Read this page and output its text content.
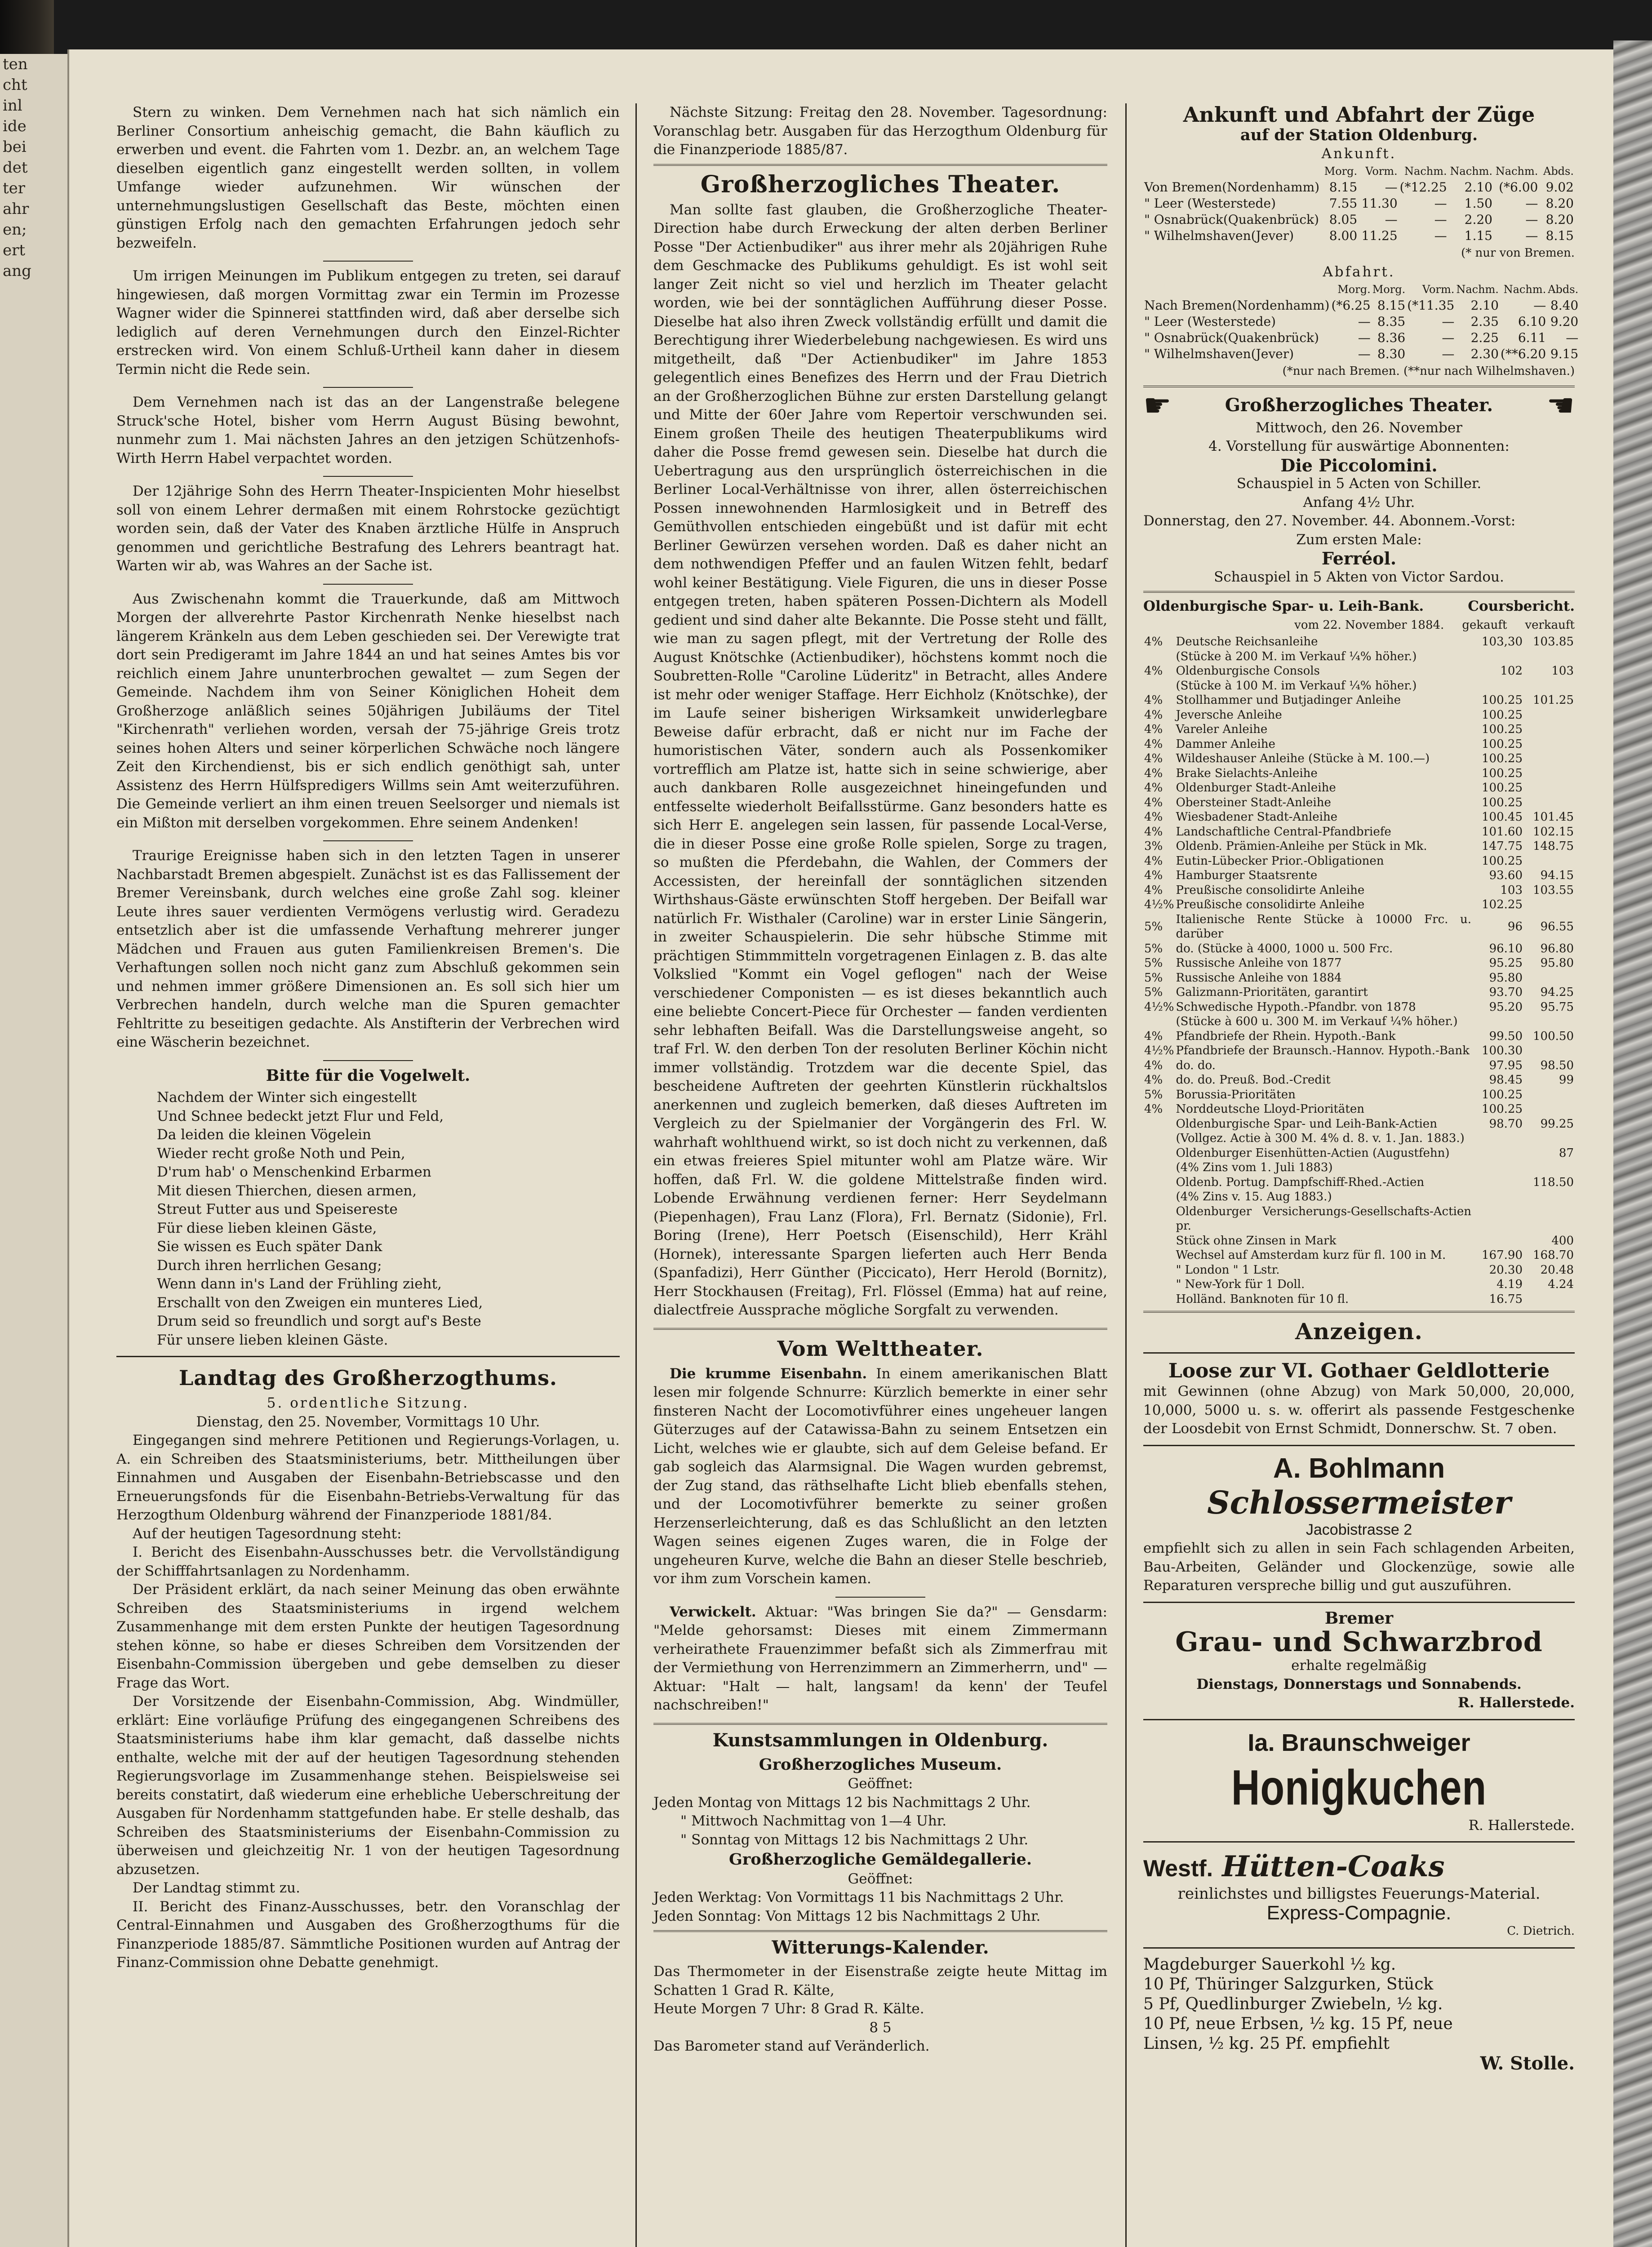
ten
cht
inl
ide
bei
det
ter
ahr
en;
ert
ang

Stern zu winken. Dem Vernehmen nach hat sich nämlich ein Berliner Consortium anheischig gemacht, die Bahn käuflich zu erwerben und event. die Fahrten vom 1. Dezbr. an, an welchem Tage dieselben eigentlich ganz eingestellt werden sollten, in vollem Umfange wieder aufzunehmen. Wir wünschen der unternehmungslustigen Gesellschaft das Beste, möchten einen günstigen Erfolg nach den gemachten Erfahrungen jedoch sehr bezweifeln.

Um irrigen Meinungen im Publikum entgegen zu treten, sei darauf hingewiesen, daß morgen Vormittag zwar ein Termin im Prozesse Wagner wider die Spinnerei stattfinden wird, daß aber derselbe sich lediglich auf deren Vernehmungen durch den Einzel-Richter erstrecken wird. Von einem Schluß-Urtheil kann daher in diesem Termin nicht die Rede sein.

Dem Vernehmen nach ist das an der Langenstraße belegene Struck'sche Hotel, bisher vom Herrn August Büsing bewohnt, nunmehr zum 1. Mai nächsten Jahres an den jetzigen Schützenhofs-Wirth Herrn Habel verpachtet worden.

Der 12jährige Sohn des Herrn Theater-Inspicienten Mohr hieselbst soll von einem Lehrer dermaßen mit einem Rohrstocke gezüchtigt worden sein, daß der Vater des Knaben ärztliche Hülfe in Anspruch genommen und gerichtliche Bestrafung des Lehrers beantragt hat. Warten wir ab, was Wahres an der Sache ist.

Aus Zwischenahn kommt die Trauerkunde, daß am Mittwoch Morgen der allverehrte Pastor Kirchenrath Nenke hieselbst nach längerem Kränkeln aus dem Leben geschieden sei. Der Verewigte trat dort sein Predigeramt im Jahre 1844 an und hat seines Amtes bis vor reichlich einem Jahre ununterbrochen gewaltet — zum Segen der Gemeinde. Nachdem ihm von Seiner Königlichen Hoheit dem Großherzoge anläßlich seines 50jährigen Jubiläums der Titel "Kirchenrath" verliehen worden, versah der 75-jährige Greis trotz seines hohen Alters und seiner körperlichen Schwäche noch längere Zeit den Kirchendienst, bis er sich endlich genöthigt sah, unter Assistenz des Herrn Hülfspredigers Willms sein Amt weiterzuführen. Die Gemeinde verliert an ihm einen treuen Seelsorger und niemals ist ein Mißton mit derselben vorgekommen. Ehre seinem Andenken!

Traurige Ereignisse haben sich in den letzten Tagen in unserer Nachbarstadt Bremen abgespielt. Zunächst ist es das Fallissement der Bremer Vereinsbank, durch welches eine große Zahl sog. kleiner Leute ihres sauer verdienten Vermögens verlustig wird. Geradezu entsetzlich aber ist die umfassende Verhaftung mehrerer junger Mädchen und Frauen aus guten Familienkreisen Bremen's. Die Verhaftungen sollen noch nicht ganz zum Abschluß gekommen sein und nehmen immer größere Dimensionen an. Es soll sich hier um Verbrechen handeln, durch welche man die Spuren gemachter Fehltritte zu beseitigen gedachte. Als Anstifterin der Verbrechen wird eine Wäscherin bezeichnet.

Bitte für die Vogelwelt.

Nachdem der Winter sich eingestellt
Und Schnee bedeckt jetzt Flur und Feld,
Da leiden die kleinen Vögelein
Wieder recht große Noth und Pein,
D'rum hab' o Menschenkind Erbarmen
Mit diesen Thierchen, diesen armen,
Streut Futter aus und Speisereste
Für diese lieben kleinen Gäste,
Sie wissen es Euch später Dank
Durch ihren herrlichen Gesang;
Wenn dann in's Land der Frühling zieht,
Erschallt von den Zweigen ein munteres Lied,
Drum seid so freundlich und sorgt auf's Beste
Für unsere lieben kleinen Gäste.

Landtag des Großherzogthums.

5. ordentliche Sitzung.

Dienstag, den 25. November, Vormittags 10 Uhr.

Eingegangen sind mehrere Petitionen und Regierungs-Vorlagen, u. A. ein Schreiben des Staatsministeriums, betr. Mittheilungen über Einnahmen und Ausgaben der Eisenbahn-Betriebscasse und den Erneuerungsfonds für die Eisenbahn-Betriebs-Verwaltung für das Herzogthum Oldenburg während der Finanzperiode 1881/84.

Auf der heutigen Tagesordnung steht:

I. Bericht des Eisenbahn-Ausschusses betr. die Vervollständigung der Schifffahrtsanlagen zu Nordenhamm.

Der Präsident erklärt, da nach seiner Meinung das oben erwähnte Schreiben des Staatsministeriums in irgend welchem Zusammenhange mit dem ersten Punkte der heutigen Tagesordnung stehen könne, so habe er dieses Schreiben dem Vorsitzenden der Eisenbahn-Commission übergeben und gebe demselben zu dieser Frage das Wort.

Der Vorsitzende der Eisenbahn-Commission, Abg. Windmüller, erklärt: Eine vorläufige Prüfung des eingegangenen Schreibens des Staatsministeriums habe ihm klar gemacht, daß dasselbe nichts enthalte, welche mit der auf der heutigen Tagesordnung stehenden Regierungsvorlage im Zusammenhange stehen. Beispielsweise sei bereits constatirt, daß wiederum eine erhebliche Ueberschreitung der Ausgaben für Nordenhamm stattgefunden habe. Er stelle deshalb, das Schreiben des Staatsministeriums der Eisenbahn-Commission zu überweisen und gleichzeitig Nr. 1 von der heutigen Tagesordnung abzusetzen.

Der Landtag stimmt zu.

II. Bericht des Finanz-Ausschusses, betr. den Voranschlag der Central-Einnahmen und Ausgaben des Großherzogthums für die Finanzperiode 1885/87. Sämmtliche Positionen wurden auf Antrag der Finanz-Commission ohne Debatte genehmigt.

Nächste Sitzung: Freitag den 28. November. Tagesordnung: Voranschlag betr. Ausgaben für das Herzogthum Oldenburg für die Finanzperiode 1885/87.

Großherzogliches Theater.

Man sollte fast glauben, die Großherzogliche Theater-Direction habe durch Erweckung der alten derben Berliner Posse "Der Actienbudiker" aus ihrer mehr als 20jährigen Ruhe dem Geschmacke des Publikums gehuldigt. Es ist wohl seit langer Zeit nicht so viel und herzlich im Theater gelacht worden, wie bei der sonntäglichen Aufführung dieser Posse. Dieselbe hat also ihren Zweck vollständig erfüllt und damit die Berechtigung ihrer Wiederbelebung nachgewiesen. Es wird uns mitgetheilt, daß "Der Actienbudiker" im Jahre 1853 gelegentlich eines Benefizes des Herrn und der Frau Dietrich an der Großherzoglichen Bühne zur ersten Darstellung gelangt und Mitte der 60er Jahre vom Repertoir verschwunden sei. Einem großen Theile des heutigen Theaterpublikums wird daher die Posse fremd gewesen sein. Dieselbe hat durch die Uebertragung aus den ursprünglich österreichischen in die Berliner Local-Verhältnisse von ihrer, allen österreichischen Possen innewohnenden Harmlosigkeit und in Betreff des Gemüthvollen entschieden eingebüßt und ist dafür mit echt Berliner Gewürzen versehen worden. Daß es daher nicht an dem nothwendigen Pfeffer und an faulen Witzen fehlt, bedarf wohl keiner Bestätigung. Viele Figuren, die uns in dieser Posse entgegen treten, haben späteren Possen-Dichtern als Modell gedient und sind daher alte Bekannte. Die Posse steht und fällt, wie man zu sagen pflegt, mit der Vertretung der Rolle des August Knötschke (Actienbudiker), höchstens kommt noch die Soubretten-Rolle "Caroline Lüderitz" in Betracht, alles Andere ist mehr oder weniger Staffage. Herr Eichholz (Knötschke), der im Laufe seiner bisherigen Wirksamkeit unwiderlegbare Beweise dafür erbracht, daß er nicht nur im Fache der humoristischen Väter, sondern auch als Possenkomiker vortrefflich am Platze ist, hatte sich in seine schwierige, aber auch dankbaren Rolle ausgezeichnet hineingefunden und entfesselte wiederholt Beifallsstürme. Ganz besonders hatte es sich Herr E. angelegen sein lassen, für passende Local-Verse, die in dieser Posse eine große Rolle spielen, Sorge zu tragen, so mußten die Pferdebahn, die Wahlen, der Commers der Accessisten, der hereinfall der sonntäglichen sitzenden Wirthshaus-Gäste erwünschten Stoff hergeben. Der Beifall war natürlich Fr. Wisthaler (Caroline) war in erster Linie Sängerin, in zweiter Schauspielerin. Die sehr hübsche Stimme mit prächtigen Stimmmitteln vorgetragenen Einlagen z. B. das alte Volkslied "Kommt ein Vogel geflogen" nach der Weise verschiedener Componisten — es ist dieses bekanntlich auch eine beliebte Concert-Piece für Orchester — fanden verdienten sehr lebhaften Beifall. Was die Darstellungsweise angeht, so traf Frl. W. den derben Ton der resoluten Berliner Köchin nicht immer vollständig. Trotzdem war die decente Spiel, das bescheidene Auftreten der geehrten Künstlerin rückhaltslos anerkennen und zugleich bemerken, daß dieses Auftreten im Vergleich zu der Spielmanier der Vorgängerin des Frl. W. wahrhaft wohlthuend wirkt, so ist doch nicht zu verkennen, daß ein etwas freieres Spiel mitunter wohl am Platze wäre. Wir hoffen, daß Frl. W. die goldene Mittelstraße finden wird. Lobende Erwähnung verdienen ferner: Herr Seydelmann (Piepenhagen), Frau Lanz (Flora), Frl. Bernatz (Sidonie), Frl. Boring (Irene), Herr Poetsch (Eisenschild), Herr Krähl (Hornek), interessante Spargen lieferten auch Herr Benda (Spanfadizi), Herr Günther (Piccicato), Herr Herold (Bornitz), Herr Stockhausen (Freitag), Frl. Flössel (Emma) hat auf reine, dialectfreie Aussprache mögliche Sorgfalt zu verwenden.

Vom Welttheater.

Die krumme Eisenbahn. In einem amerikanischen Blatt lesen mir folgende Schnurre: Kürzlich bemerkte in einer sehr finsteren Nacht der Locomotivführer eines ungeheuer langen Güterzuges auf der Catawissa-Bahn zu seinem Entsetzen ein Licht, welches wie er glaubte, sich auf dem Geleise befand. Er gab sogleich das Alarmsignal. Die Wagen wurden gebremst, der Zug stand, das räthselhafte Licht blieb ebenfalls stehen, und der Locomotivführer bemerkte zu seiner großen Herzenserleichterung, daß es das Schlußlicht an den letzten Wagen seines eigenen Zuges waren, die in Folge der ungeheuren Kurve, welche die Bahn an dieser Stelle beschrieb, vor ihm zum Vorschein kamen.

Verwickelt. Aktuar: "Was bringen Sie da?" — Gensdarm: "Melde gehorsamst: Dieses mit einem Zimmermann verheirathete Frauenzimmer befaßt sich als Zimmerfrau mit der Vermiethung von Herrenzimmern an Zimmerherrn, und" — Aktuar: "Halt — halt, langsam! da kenn' der Teufel nachschreiben!"

Kunstsammlungen in Oldenburg.
Großherzogliches Museum.

Geöffnet:

Jeden Montag von Mittags 12 bis Nachmittags 2 Uhr.

" Mittwoch Nachmittag von 1—4 Uhr.

" Sonntag von Mittags 12 bis Nachmittags 2 Uhr.

Großherzogliche Gemäldegallerie.

Geöffnet:

Jeden Werktag: Von Vormittags 11 bis Nachmittags 2 Uhr.

Jeden Sonntag: Von Mittags 12 bis Nachmittags 2 Uhr.

Witterungs-Kalender.

Das Thermometer in der Eisenstraße zeigte heute Mittag im Schatten 1 Grad R. Kälte,

Heute Morgen 7 Uhr: 8 Grad R. Kälte.

8 5

Das Barometer stand auf Veränderlich.

Ankunft und Abfahrt der Züge
auf der Station Oldenburg.
Ankunft.
	Morg.	Vorm.	Nachm.	Nachm.	Nachm.	Abds.
Von Bremen(Nordenhamm)	8.15	—	(*12.25	2.10	(*6.00	9.02
" Leer (Westerstede)	7.55	11.30	—	1.50	—	8.20
" Osnabrück(Quakenbrück)	8.05	—	—	2.20	—	8.20
" Wilhelmshaven(Jever)	8.00	11.25	—	1.15	—	8.15
(* nur von Bremen.
Abfahrt.
	Morg.	Morg.	Vorm.	Nachm.	Nachm.	Abds.
Nach Bremen(Nordenhamm)	(*6.25	8.15	(*11.35	2.10	—	8.40
" Leer (Westerstede)	—	8.35	—	2.35	6.10	9.20
" Osnabrück(Quakenbrück)	—	8.36	—	2.25	6.11	—
" Wilhelmshaven(Jever)	—	8.30	—	2.30	(**6.20	9.15
(*nur nach Bremen. (**nur nach Wilhelmshaven.)
☛	Großherzogliches Theater. ☚
Mittwoch, den 26. November
4. Vorstellung für auswärtige Abonnenten:
Die Piccolomini.
Schauspiel in 5 Acten von Schiller.
Anfang 4½ Uhr.
Donnerstag, den 27. November. 44. Abonnem.-Vorst:
Zum ersten Male:
Ferréol.
Schauspiel in 5 Akten von Victor Sardou.
Oldenburgische Spar- u. Leih-Bank.	Coursbericht.
vom 22. November 1884. gekauft verkauft
4%	Deutsche Reichsanleihe	103,30	103.85
	(Stücke à 200 M. im Verkauf ¼% höher.)		
4%	Oldenburgische Consols	102	103
	(Stücke à 100 M. im Verkauf ¼% höher.)		
4%	Stollhammer und Butjadinger Anleihe	100.25	101.25
4%	Jeversche Anleihe	100.25	
4%	Vareler Anleihe	100.25	
4%	Dammer Anleihe	100.25	
4%	Wildeshauser Anleihe (Stücke à M. 100.—)	100.25	
4%	Brake Sielachts-Anleihe	100.25	
4%	Oldenburger Stadt-Anleihe	100.25	
4%	Obersteiner Stadt-Anleihe	100.25	
4%	Wiesbadener Stadt-Anleihe	100.45	101.45
4%	Landschaftliche Central-Pfandbriefe	101.60	102.15
3%	Oldenb. Prämien-Anleihe per Stück in Mk.	147.75	148.75
4%	Eutin-Lübecker Prior.-Obligationen	100.25	
4%	Hamburger Staatsrente	93.60	94.15
4%	Preußische consolidirte Anleihe	103	103.55
4½%	Preußische consolidirte Anleihe	102.25	
5%	Italienische Rente Stücke à 10000 Frc. u. darüber	96	96.55
5%	do. (Stücke à 4000, 1000 u. 500 Frc.	96.10	96.80
5%	Russische Anleihe von 1877	95.25	95.80
5%	Russische Anleihe von 1884	95.80	
5%	Galizmann-Prioritäten, garantirt	93.70	94.25
4½%	Schwedische Hypoth.-Pfandbr. von 1878	95.20	95.75
	(Stücke à 600 u. 300 M. im Verkauf ¼% höher.)		
4%	Pfandbriefe der Rhein. Hypoth.-Bank	99.50	100.50
4½%	Pfandbriefe der Braunsch.-Hannov. Hypoth.-Bank	100.30	
4%	do. do.	97.95	98.50
4%	do. do. Preuß. Bod.-Credit	98.45	99
5%	Borussia-Prioritäten	100.25	
4%	Norddeutsche Lloyd-Prioritäten	100.25	
	Oldenburgische Spar- und Leih-Bank-Actien	98.70	99.25
	(Vollgez. Actie à 300 M. 4% d. 8. v. 1. Jan. 1883.)		
	Oldenburger Eisenhütten-Actien (Augustfehn)		87
	(4% Zins vom 1. Juli 1883)		
	Oldenb. Portug. Dampfschiff-Rhed.-Actien		118.50
	(4% Zins v. 15. Aug 1883.)		
	Oldenburger Versicherungs-Gesellschafts-Actien pr.		
	Stück ohne Zinsen in Mark		400
	Wechsel auf Amsterdam kurz für fl. 100 in M.	167.90	168.70
	" London " 1 Lstr.	20.30	20.48
	" New-York für 1 Doll.	4.19	4.24
	Holländ. Banknoten für 10 fl.	16.75	
Anzeigen.
Loose zur VI. Gothaer Geldlotterie

mit Gewinnen (ohne Abzug) von Mark 50,000, 20,000, 10,000, 5000 u. s. w. offerirt als passende Festgeschenke der Loosdebit von Ernst Schmidt, Donnerschw. St. 7 oben.

A. Bohlmann
Schlossermeister
Jacobistrasse 2

empfiehlt sich zu allen in sein Fach schlagenden Arbeiten, Bau-Arbeiten, Geländer und Glockenzüge, sowie alle Reparaturen verspreche billig und gut auszuführen.

Bremer
Grau- und Schwarzbrod
erhalte regelmäßig
Dienstags, Donnerstags und Sonnabends.
R. Hallerstede.
Ia. Braunschweiger
Honigkuchen
R. Hallerstede.
Westf. Hütten-Coaks
reinlichstes und billigstes Feuerungs-Material.
Express-Compagnie.
C. Dietrich.
Magdeburger Sauerkohl ½ kg.
10 Pf, Thüringer Salzgurken, Stück
5 Pf, Quedlinburger Zwiebeln, ½ kg.
10 Pf, neue Erbsen, ½ kg. 15 Pf, neue
Linsen, ½ kg. 25 Pf. empfiehlt
W. Stolle.
